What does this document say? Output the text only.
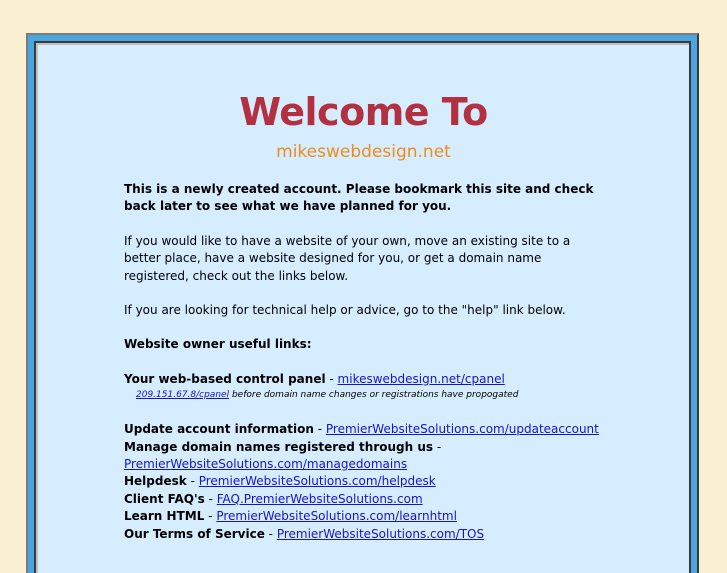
Welcome To
mikeswebdesign.net

This is a newly created account. Please bookmark this site and check back later to see what we have planned for you.

If you would like to have a website of your own, move an existing site to a better place, have a website designed for you, or get a domain name registered, check out the links below.

If you are looking for technical help or advice, go to the "help" link below.

Website owner useful links:

Your web-based control panel - mikeswebdesign.net/cpanel

209.151.67.8/cpanel before domain name changes or registrations have propogated

Update account information - PremierWebsiteSolutions.com/updateaccount

Manage domain names registered through us - PremierWebsiteSolutions.com/managedomains

Helpdesk - PremierWebsiteSolutions.com/helpdesk

Client FAQ's - FAQ.PremierWebsiteSolutions.com

Learn HTML - PremierWebsiteSolutions.com/learnhtml

Our Terms of Service - PremierWebsiteSolutions.com/TOS
